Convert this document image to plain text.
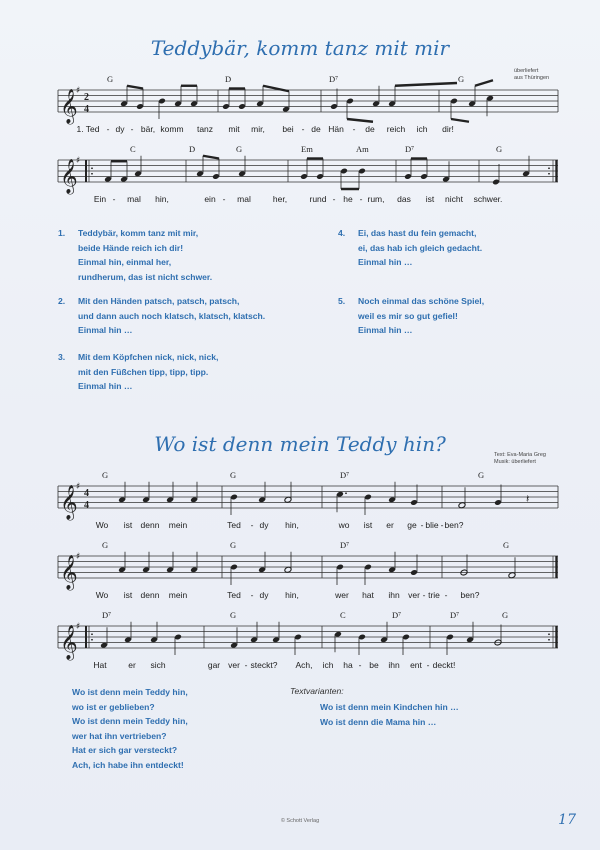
Teddybär, komm tanz mit mir
überliefert
aus Thüringen
𝄞
♯
2
4
G	D	D⁷	G
1. Ted - dy - bär, komm tanz mit mir, bei - de Hän - de reich ich dir!
𝄞
♯
C	D	G	Em	Am	D⁷	G
Ein - mal hin,	ein - mal	her,	rund - he - rum, das ist nicht schwer.
1. Teddybär, komm tanz mit mir,
beide Hände reich ich dir!
Einmal hin, einmal her,
rundherum, das ist nicht schwer.
2. Mit den Händen patsch, patsch, patsch,
und dann auch noch klatsch, klatsch, klatsch.
Einmal hin …
3. Mit dem Köpfchen nick, nick, nick,
mit den Füßchen tipp, tipp, tipp.
Einmal hin …
4. Ei, das hast du fein gemacht,
ei, das hab ich gleich gedacht.
Einmal hin …
5. Noch einmal das schöne Spiel,
weil es mir so gut gefiel!
Einmal hin …
Wo ist denn mein Teddy hin?	Text: Eva-Maria Greg
Musik: überliefert
𝄞
♯
4
4
G	G	D⁷	G
𝄽
Wo ist denn mein	Ted - dy hin,	wo ist er ge - blie - ben?
𝄞
♯
G	G	D⁷	G
Wo ist denn mein	Ted - dy hin,	wer hat ihn ver - trie - ben?
𝄞
♯
D⁷	G	C	D⁷	D⁷	G
Hat	er sich	gar ver - steckt? Ach, ich ha - be ihn ent - deckt!
Wo ist denn mein Teddy hin,
wo ist er geblieben?
Wo ist denn mein Teddy hin,
wer hat ihn vertrieben?
Hat er sich gar versteckt?
Ach, ich habe ihn entdeckt!
Textvarianten:
Wo ist denn mein Kindchen hin …
Wo ist denn die Mama hin …
© Schott Verlag	17
